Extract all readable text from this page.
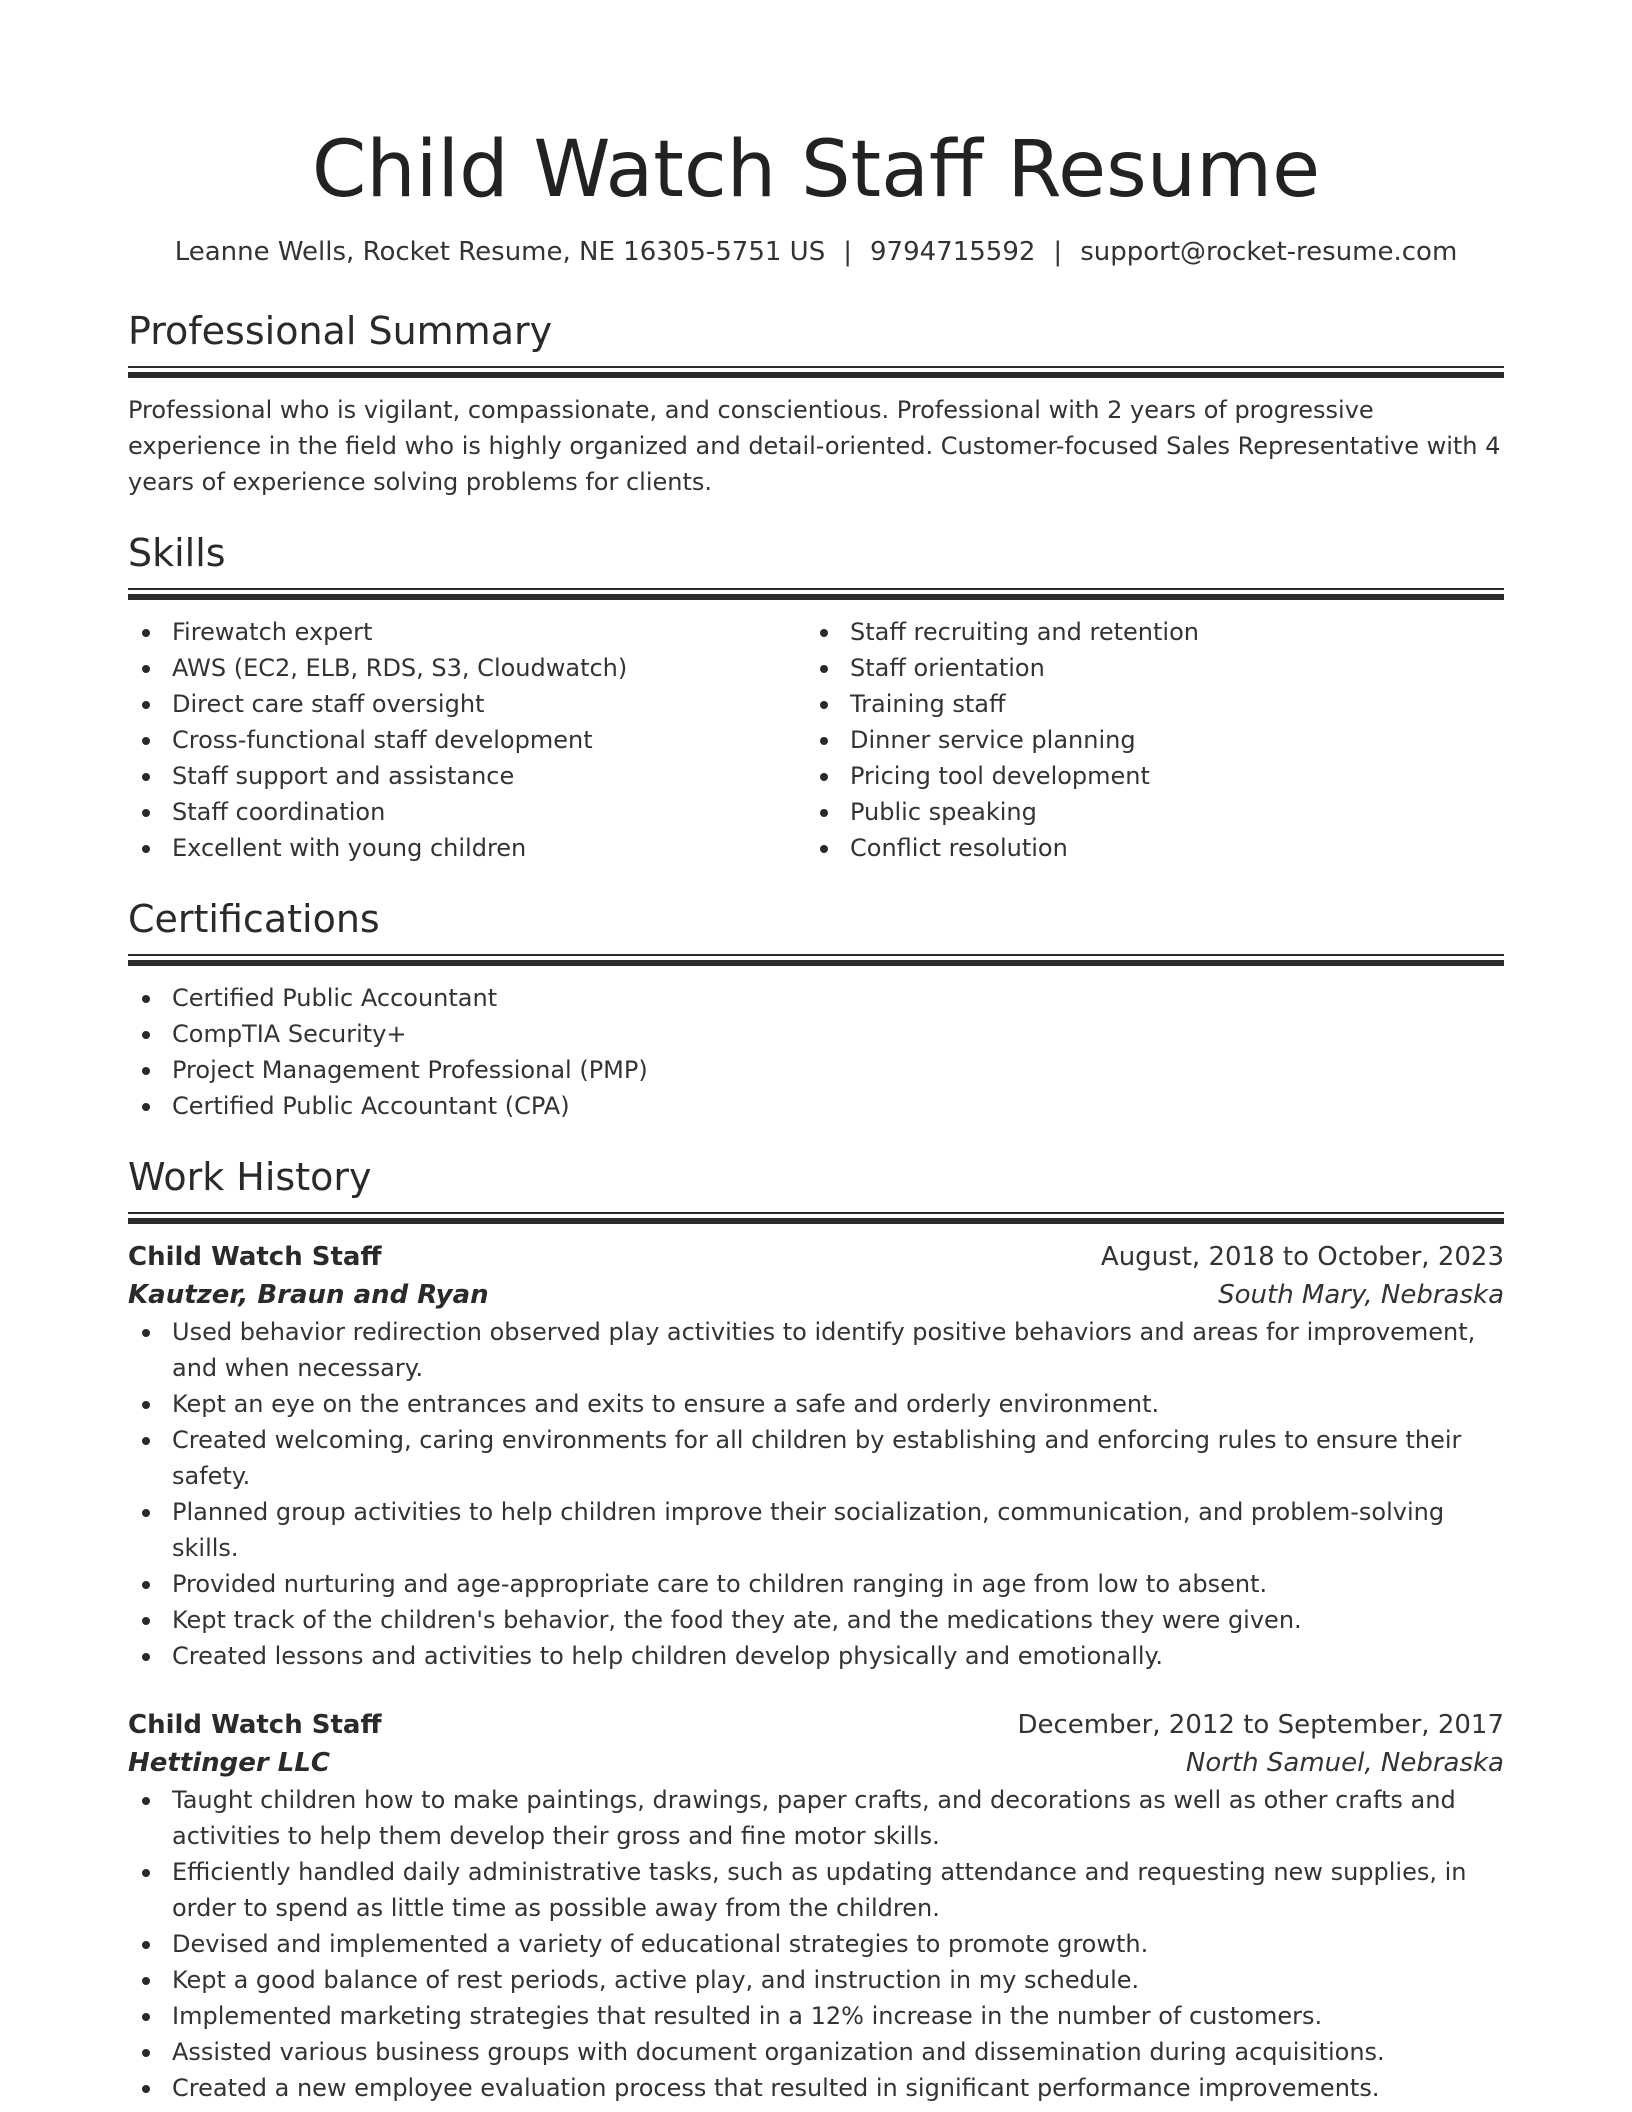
Child Watch Staff Resume
Leanne Wells, Rocket Resume, NE 16305-5751 US | 9794715592 | support@rocket-resume.com
Professional Summary
Professional who is vigilant, compassionate, and conscientious. Professional with 2 years of progressive experience in the field who is highly organized and detail-oriented. Customer-focused Sales Representative with 4 years of experience solving problems for clients.
Skills
Firewatch expert
AWS (EC2, ELB, RDS, S3, Cloudwatch)
Direct care staff oversight
Cross-functional staff development
Staff support and assistance
Staff coordination
Excellent with young children
Staff recruiting and retention
Staff orientation
Training staff
Dinner service planning
Pricing tool development
Public speaking
Conflict resolution
Certifications
Certified Public Accountant
CompTIA Security+
Project Management Professional (PMP)
Certified Public Accountant (CPA)
Work History
Child Watch Staff	August, 2018 to October, 2023
Kautzer, Braun and Ryan	South Mary, Nebraska
Used behavior redirection observed play activities to identify positive behaviors and areas for improvement, and when necessary.
Kept an eye on the entrances and exits to ensure a safe and orderly environment.
Created welcoming, caring environments for all children by establishing and enforcing rules to ensure their safety.
Planned group activities to help children improve their socialization, communication, and problem-solving skills.
Provided nurturing and age-appropriate care to children ranging in age from low to absent.
Kept track of the children's behavior, the food they ate, and the medications they were given.
Created lessons and activities to help children develop physically and emotionally.
Child Watch Staff	December, 2012 to September, 2017
Hettinger LLC	North Samuel, Nebraska
Taught children how to make paintings, drawings, paper crafts, and decorations as well as other crafts and activities to help them develop their gross and fine motor skills.
Efficiently handled daily administrative tasks, such as updating attendance and requesting new supplies, in order to spend as little time as possible away from the children.
Devised and implemented a variety of educational strategies to promote growth.
Kept a good balance of rest periods, active play, and instruction in my schedule.
Implemented marketing strategies that resulted in a 12% increase in the number of customers.
Assisted various business groups with document organization and dissemination during acquisitions.
Created a new employee evaluation process that resulted in significant performance improvements.
